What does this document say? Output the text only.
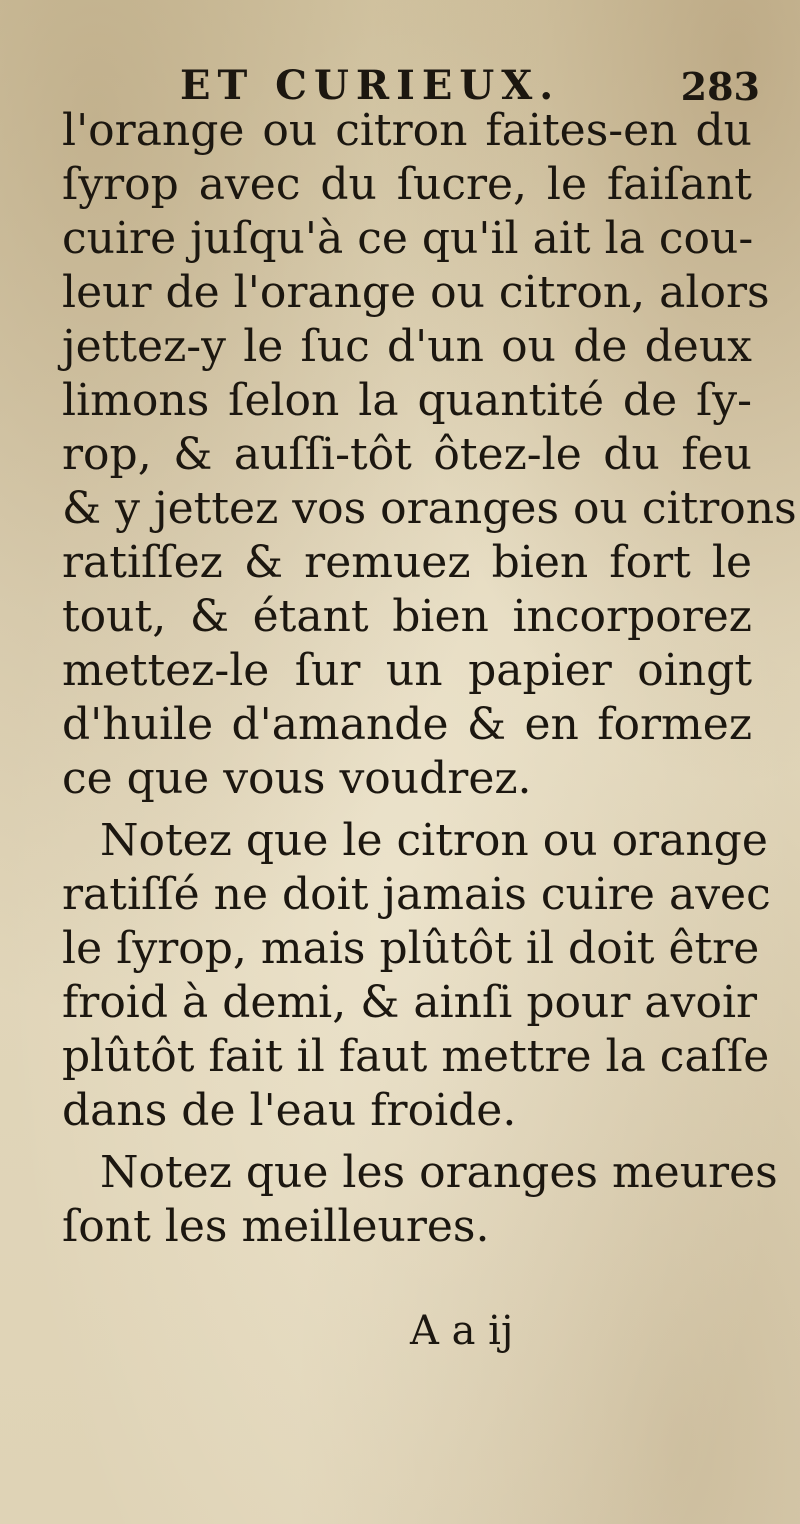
ET CURIEUX.	283
l'orange ou citron faites-en du
ſyrop avec du ſucre, le faiſant
cuire juſqu'à ce qu'il ait la cou-
leur de l'orange ou citron, alors
jettez-y le ſuc d'un ou de deux
limons ſelon la quantité de ſy-
rop, & auſſi-tôt ôtez-le du feu
& y jettez vos oranges ou citrons
ratiſſez & remuez bien fort le
tout, & étant bien incorporez
mettez-le ſur un papier oingt
d'huile d'amande & en formez
ce que vous voudrez.
Notez que le citron ou orange
ratiſſé ne doit jamais cuire avec
le ſyrop, mais plûtôt il doit être
froid à demi, & ainſi pour avoir
plûtôt fait il faut mettre la caſſe
dans de l'eau froide.
Notez que les oranges meures
ſont les meilleures.
A a ij
